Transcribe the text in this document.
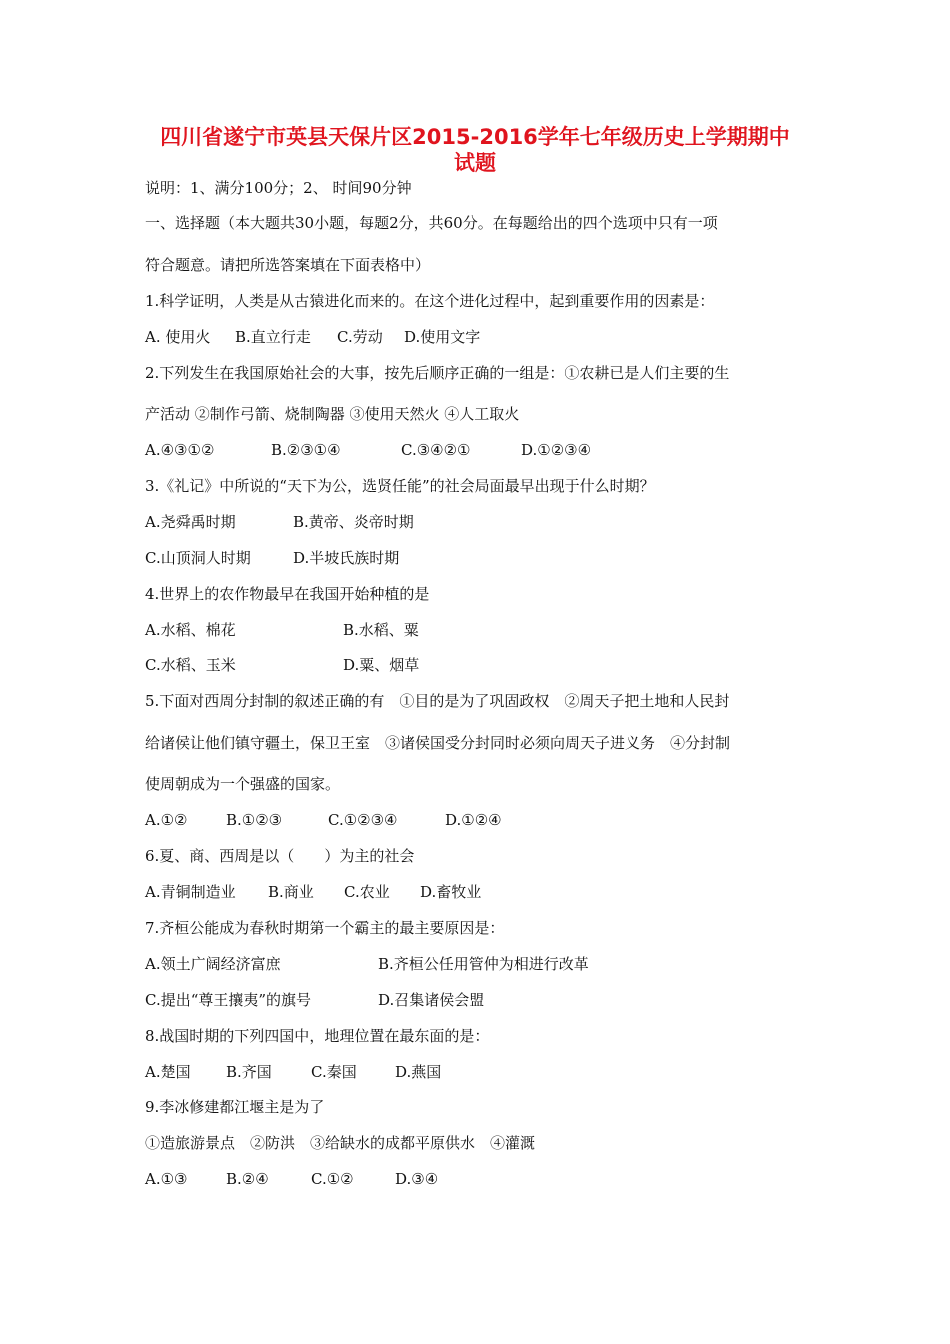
四川省遂宁市英县天保片区2015-2016学年七年级历史上学期期中
试题
说明：1、满分100分；2、 时间90分钟
一、选择题（本大题共30小题，每题2分，共60分。在每题给出的四个选项中只有一项
符合题意。请把所选答案填在下面表格中）
1.科学证明，人类是从古猿进化而来的。在这个进化过程中，起到重要作用的因素是：
A. 使用火 B.直立行走 C.劳动 D.使用文字
2.下列发生在我国原始社会的大事，按先后顺序正确的一组是：①农耕已是人们主要的生
产活动 ②制作弓箭、烧制陶器 ③使用天然火 ④人工取火
A.④③①②	B.②③①④	C.③④②①	D.①②③④
3.《礼记》中所说的“天下为公，选贤任能”的社会局面最早出现于什么时期？
A.尧舜禹时期	B.黄帝、炎帝时期
C.山顶洞人时期	D.半坡氏族时期
4.世界上的农作物最早在我国开始种植的是
A.水稻、棉花	B.水稻、粟
C.水稻、玉米	D.粟、烟草
5.下面对西周分封制的叙述正确的有　①目的是为了巩固政权　②周天子把土地和人民封
给诸侯让他们镇守疆土，保卫王室　③诸侯国受分封同时必须向周天子进义务　④分封制
使周朝成为一个强盛的国家。
A.①②	B.①②③	C.①②③④	D.①②④
6.夏、商、西周是以（　　）为主的社会
A.青铜制造业 B.商业 C.农业 D.畜牧业
7.齐桓公能成为春秋时期第一个霸主的最主要原因是：
A.领土广阔经济富庶	B.齐桓公任用管仲为相进行改革
C.提出“尊王攘夷”的旗号	D.召集诸侯会盟
8.战国时期的下列四国中，地理位置在最东面的是：
A.楚国 B.齐国	C.秦国	D.燕国
9.李冰修建都江堰主是为了
①造旅游景点　②防洪　③给缺水的成都平原供水　④灌溉
A.①③	B.②④	C.①②	D.③④
